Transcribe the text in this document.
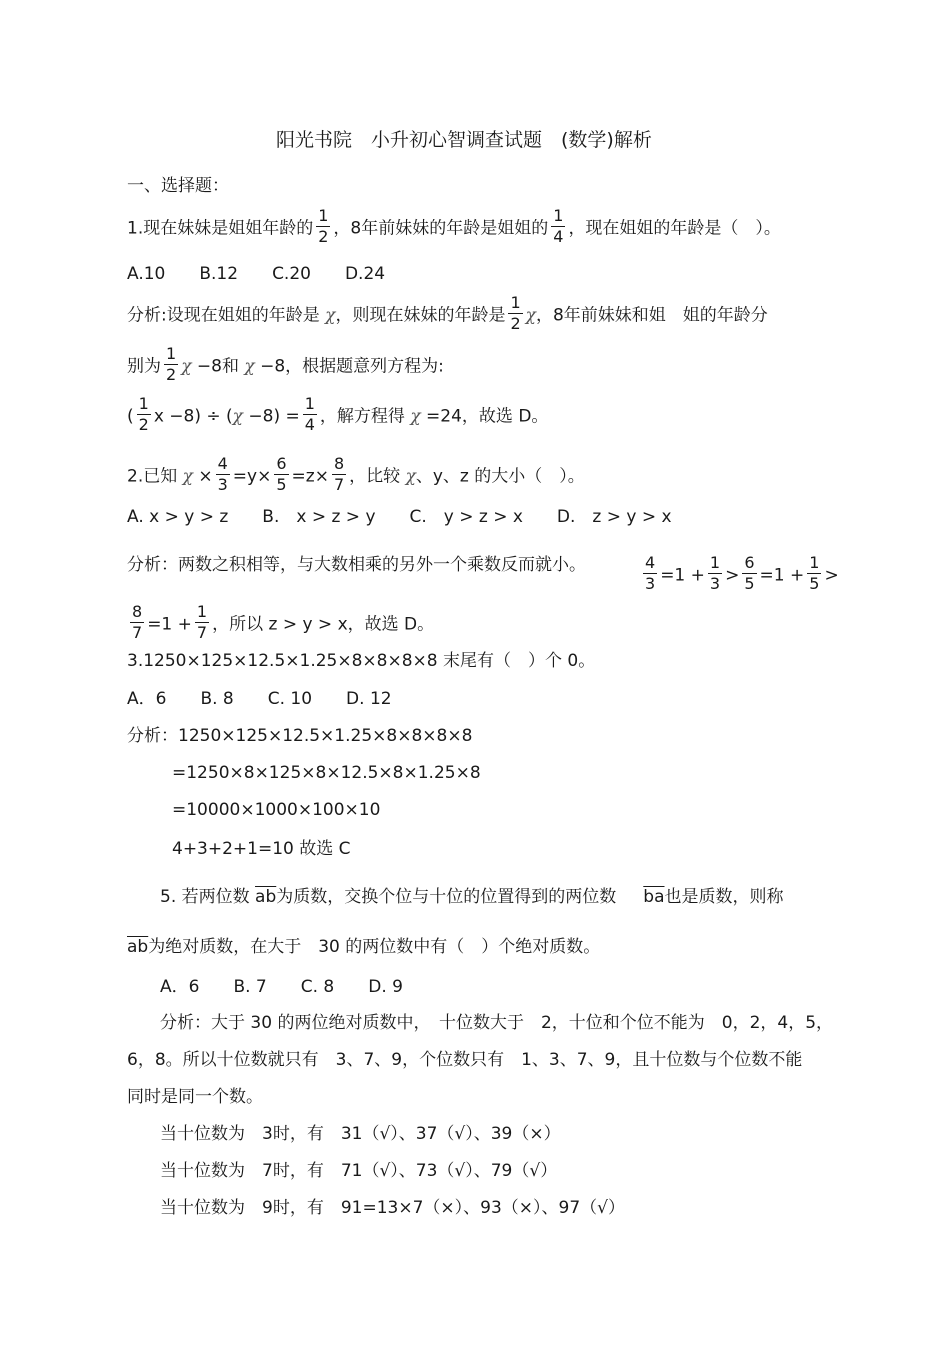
阳光书院　小升初心智调查试题　(数学)解析
一、选择题：
1.现在妹妹是姐姐年龄的 $\frac{1}{2}$ ，8年前妹妹的年龄是姐姐的 $\frac{1}{4}$ ，现在姐姐的年龄是（　）。
A.10　　B.12　　C.20　　D.24
分析:设现在姐姐的年龄是 χ，则现在妹妹的年龄是 $\frac{1}{2}$ χ，8年前妹妹和姐　姐的年龄分
别为 $\frac{1}{2}$ χ −8和 χ −8，根据题意列方程为:
( $\frac{1}{2}$ $x -8) \div (\chi -8) = \frac{1}{4}$ ，解方程得 χ =24，故选 D。
2.已知 $\chi \times \frac{4}{3} =y\times \frac{6}{5} =z\times \frac{8}{7}$ ，比较 χ、y、z 的大小（　）。
A. x > y > z　　B.　x > z > y　　C.　y > z > x　　D.　z > y > x
分析：两数之积相等，与大数相乘的另外一个乘数反而就小。	$\frac{4}{3} =1 + \frac{1}{3} > \frac{6}{5} =1 + \frac{1}{5}$ >
$\frac{8}{7} =1 + \frac{1}{7}$ ，所以 z > y > x，故选 D。
3.1250×125×12.5×1.25×8×8×8×8 末尾有（　）个 0。
A．6　　B. 8　　C. 10　　D. 12
分析：1250×125×12.5×1.25×8×8×8×8
=1250×8×125×8×12.5×8×1.25×8
=10000×1000×100×10
4+3+2+1=10 故选 C
5. 若两位数 $\overline{ab}$为质数，交换个位与十位的位置得到的两位数 $\overline{ba}$也是质数，则称
$\overline{ab}$为绝对质数，在大于　30 的两位数中有（　）个绝对质数。
A．6　　B. 7　　C. 8　　D. 9
分析：大于 30 的两位绝对质数中，　十位数大于　2，十位和个位不能为　0，2，4，5，
6，8。所以十位数就只有　3、7、9，个位数只有　1、3、7、9，且十位数与个位数不能
同时是同一个数。
当十位数为　3时，有　31（√）、37（√）、39（×）
当十位数为　7时，有　71（√）、73（√）、79（√）
当十位数为　9时，有　91=13×7（×）、93（×）、97（√）
